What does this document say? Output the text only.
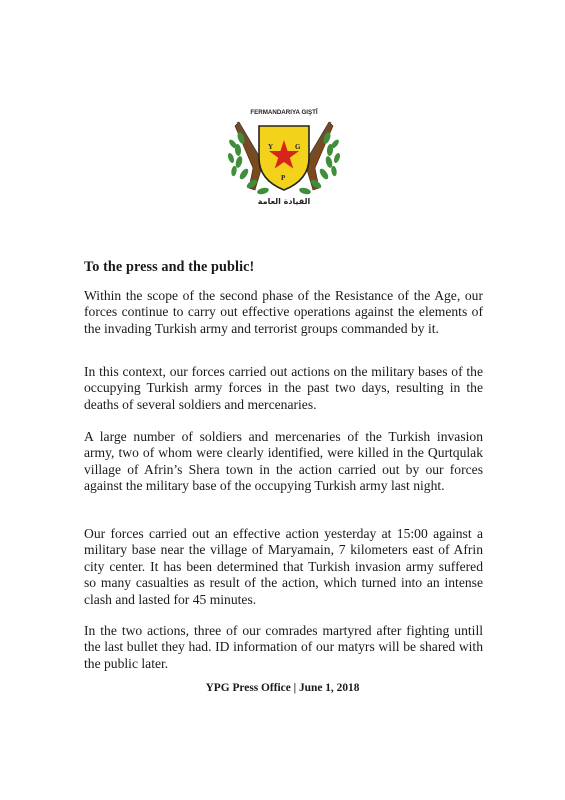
Y
P
G
FERMANDARIYA GIŞTÎ
القيادة العامة
To the press and the public!

Within the scope of the second phase of the Resistance of the Age, our forces continue to carry out effective operations against the elements of the invading Turkish army and terrorist groups commanded by it.

In this context, our forces carried out actions on the military bases of the occupying Turkish army forces in the past two days, resulting in the deaths of several soldiers and mercenaries.

A large number of soldiers and mercenaries of the Turkish invasion army, two of whom were clearly identified, were killed in the Qurtqulak village of Afrin’s Shera town in the action carried out by our forces against the military base of the occupying Turkish army last night.

Our forces carried out an effective action yesterday at 15:00 against a military base near the village of Maryamain, 7 kilometers east of Afrin city center. It has been determined that Turkish invasion army suffered so many casualties as result of the action, which turned into an intense clash and lasted for 45 minutes.

In the two actions, three of our comrades martyred after fighting untill the last bullet they had. ID information of our matyrs will be shared with the public later.

YPG Press Office | June 1, 2018
